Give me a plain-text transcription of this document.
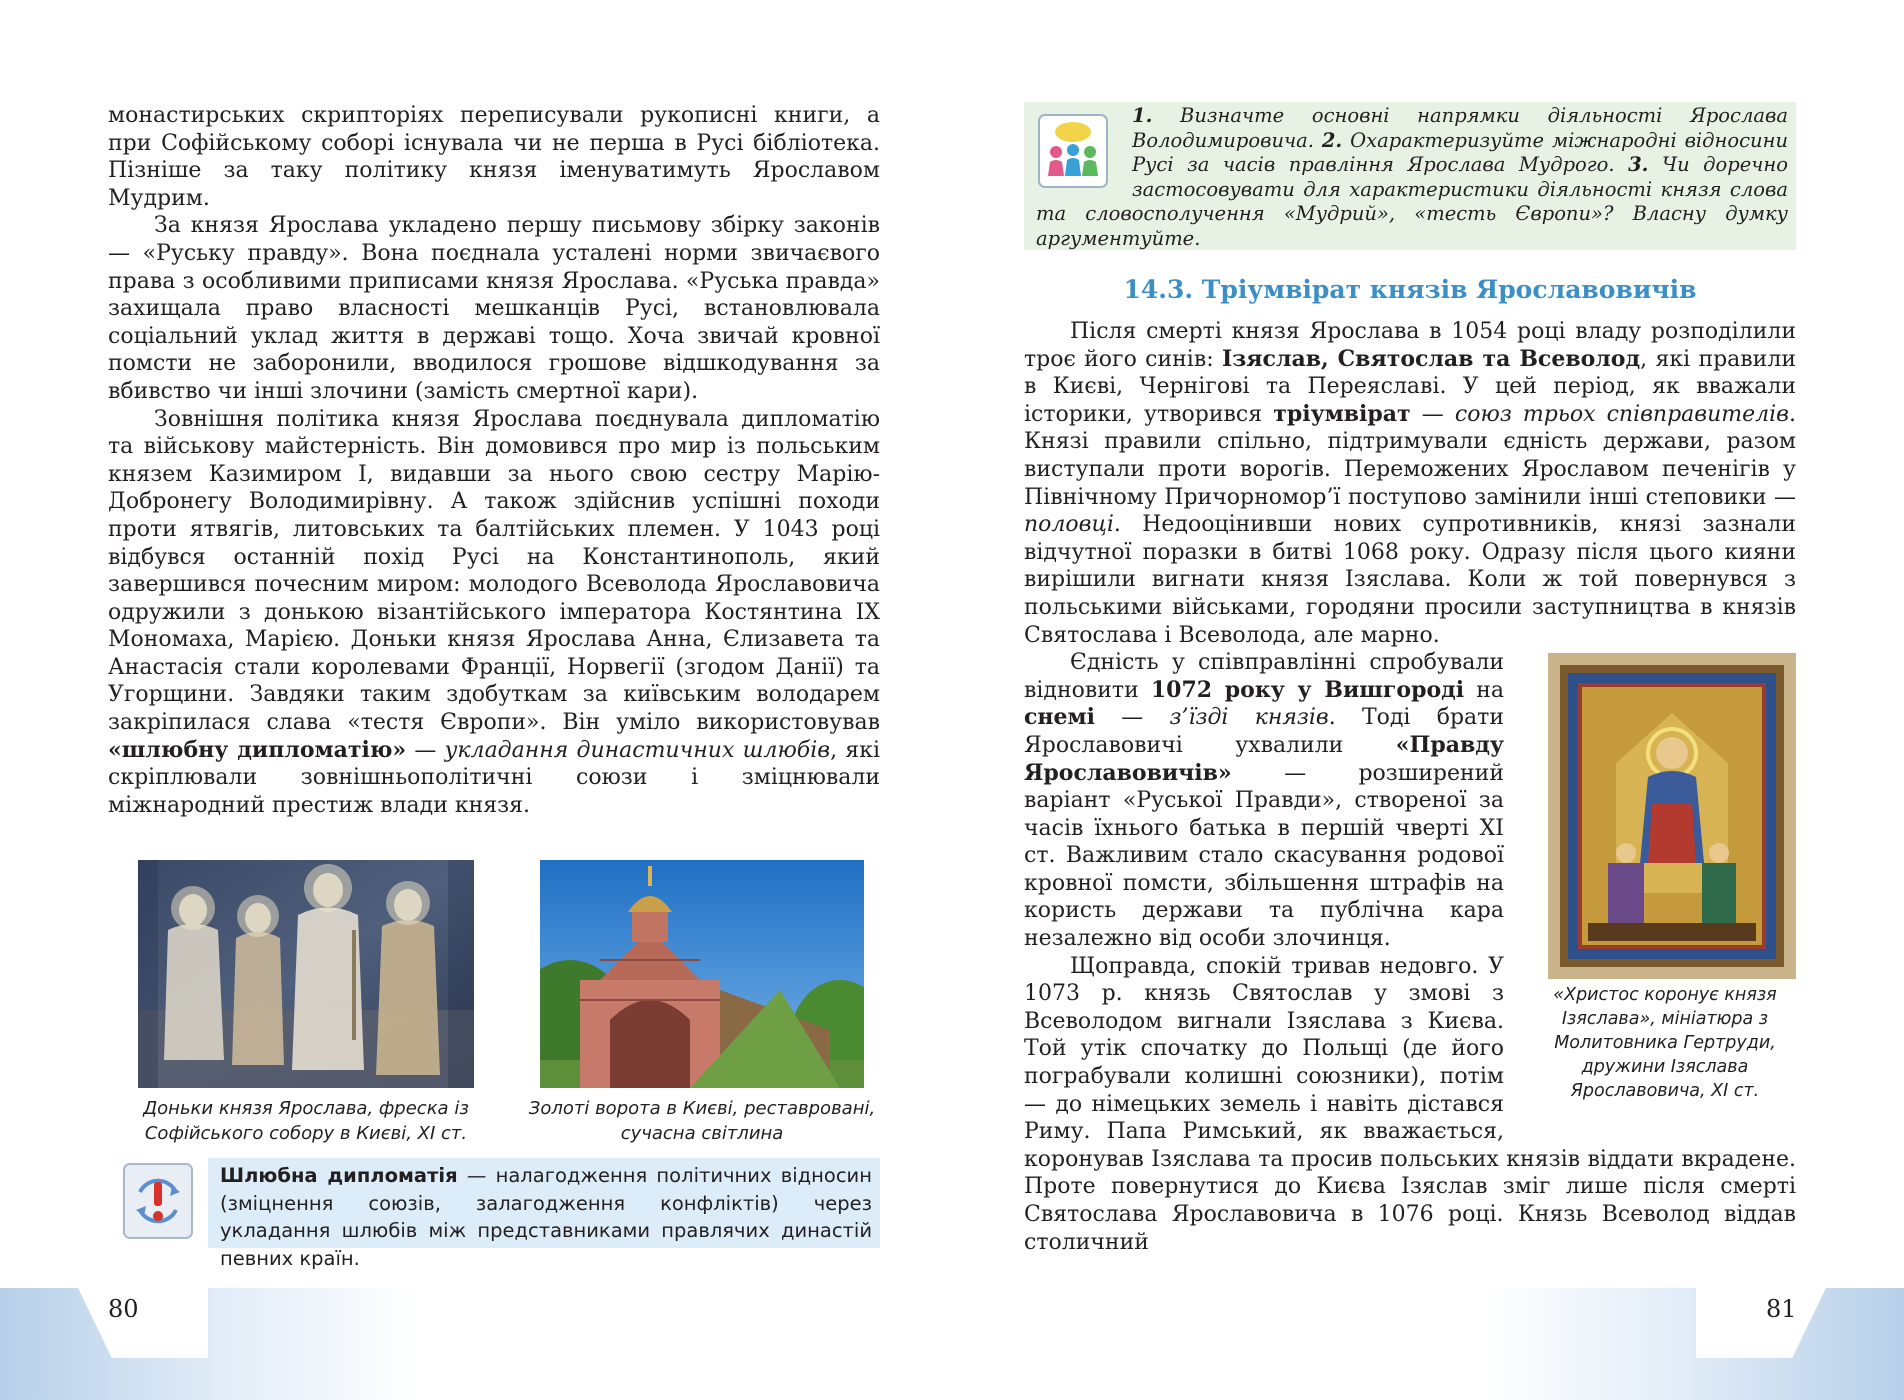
монастирських скрипторіях переписували рукописні книги, а при Софійському соборі існувала чи не перша в Русі бібліотека. Пізніше за таку політику князя іменуватимуть Ярославом Мудрим.

За князя Ярослава укладено першу письмову збірку законів — «Руську правду». Вона поєднала усталені норми звичаєвого права з особливими приписами князя Ярослава. «Руська правда» захищала право власності мешканців Русі, встановлювала соціальний уклад життя в державі тощо. Хоча звичай кровної помсти не заборонили, вводилося грошове відшкодування за вбивство чи інші злочини (замість смертної кари).

Зовнішня політика князя Ярослава поєднувала дипломатію та військову майстерність. Він домовився про мир із польським князем Казимиром І, видавши за нього свою сестру Марію-Добронегу Володимирівну. А також здійснив успішні походи проти ятвягів, литовських та балтійських племен. У 1043 році відбувся останній похід Русі на Константинополь, який завершився почесним миром: молодого Всеволода Ярославовича одружили з донькою візантійського імператора Костянтина ІХ Мономаха, Марією. Доньки князя Ярослава Анна, Єлизавета та Анастасія стали королевами Франції, Норвегії (згодом Данії) та Угорщини. Завдяки таким здобуткам за київським володарем закріпилася слава «тестя Європи». Він уміло використовував «шлюбну дипломатію» — укладання династичних шлюбів, які скріплювали зовнішньополітичні союзи і зміцнювали міжнародний престиж влади князя.

Доньки князя Ярослава, фреска із Софійського собору в Києві, XI ст.
Золоті ворота в Києві, реставровані, сучасна світлина
Шлюбна дипломатія — налагодження політичних відносин (зміцнення союзів, залагодження конфліктів) через укладання шлюбів між представниками правлячих династій певних країн.
1. Визначте основні напрямки діяльності Ярослава Володимировича. 2. Охарактеризуйте міжнародні відносини Русі за часів правління Ярослава Мудрого. 3. Чи доречно застосовувати для характеристики діяльності князя слова та словосполучення «Мудрий», «тесть Європи»? Власну думку аргументуйте.
14.3. Тріумвірат князів Ярославовичів

Після смерті князя Ярослава в 1054 році владу розподілили троє його синів: Ізяслав, Святослав та Всеволод, які правили в Києві, Чернігові та Переяславі. У цей період, як вважали історики, утворився тріумвірат — союз трьох співправителів. Князі правили спільно, підтримували єдність держави, разом виступали проти ворогів. Переможених Ярославом печенігів у Північному Причорномор’ї поступово замінили інші степовики — половці. Недооцінивши нових супротивників, князі зазнали відчутної поразки в битві 1068 року. Одразу після цього кияни вирішили вигнати князя Ізяслава. Коли ж той повернувся з польськими військами, городяни просили заступництва в князів Святослава і Всеволода, але марно.

«Христос коронує князя Ізяслава», мініатюра з Молитовника Гертруди, дружини Ізяслава Ярославовича, XI ст.

Єдність у співправлінні спробували відновити 1072 року у Вишгороді на снемі — з’їзді князів. Тоді брати Ярославовичі ухвалили «Правду Ярославовичів» — розширений варіант «Руської Правди», створеної за часів їхнього батька в першій чверті XI ст. Важливим стало скасування родової кровної помсти, збільшення штрафів на користь держави та публічна кара незалежно від особи злочинця.

Щоправда, спокій тривав недовго. У 1073 р. князь Святослав у змові з Всеволодом вигнали Ізяслава з Києва. Той утік спочатку до Польщі (де його пограбували колишні союзники), потім — до німецьких земель і навіть дістався Риму. Папа Римський, як вважається, коронував Ізяслава та просив польських князів віддати вкрадене. Проте повернутися до Києва Ізяслав зміг лише після смерті Святослава Ярославовича в 1076 році. Князь Всеволод віддав столичний

80	81
